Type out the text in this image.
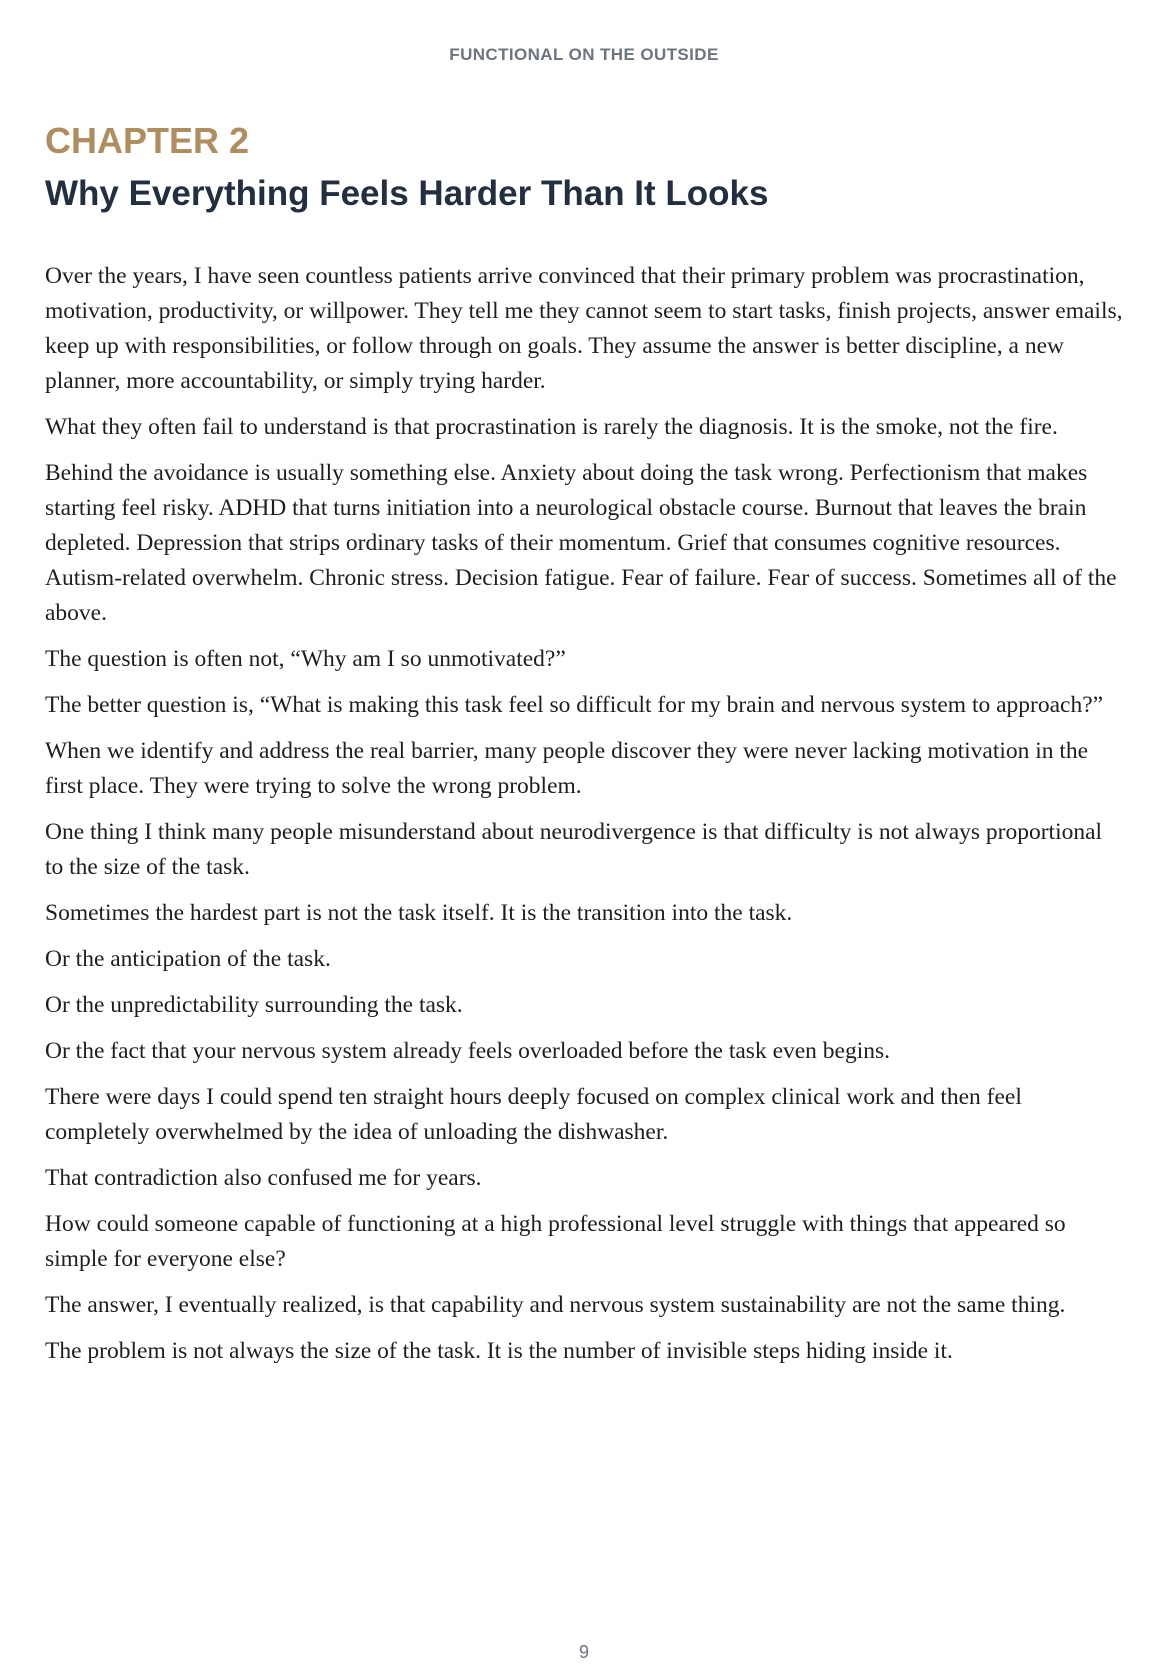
FUNCTIONAL ON THE OUTSIDE
CHAPTER 2
Why Everything Feels Harder Than It Looks

Over the years, I have seen countless patients arrive convinced that their primary problem was procrastination, motivation, productivity, or willpower. They tell me they cannot seem to start tasks, finish projects, answer emails, keep up with responsibilities, or follow through on goals. They assume the answer is better discipline, a new planner, more accountability, or simply trying harder.

What they often fail to understand is that procrastination is rarely the diagnosis. It is the smoke, not the fire.

Behind the avoidance is usually something else. Anxiety about doing the task wrong. Perfectionism that makes starting feel risky. ADHD that turns initiation into a neurological obstacle course. Burnout that leaves the brain depleted. Depression that strips ordinary tasks of their momentum. Grief that consumes cognitive resources. Autism-related overwhelm. Chronic stress. Decision fatigue. Fear of failure. Fear of success. Sometimes all of the above.

The question is often not, “Why am I so unmotivated?”

The better question is, “What is making this task feel so difficult for my brain and nervous system to approach?”

When we identify and address the real barrier, many people discover they were never lacking motivation in the first place. They were trying to solve the wrong problem.

One thing I think many people misunderstand about neurodivergence is that difficulty is not always proportional to the size of the task.

Sometimes the hardest part is not the task itself. It is the transition into the task.

Or the anticipation of the task.

Or the unpredictability surrounding the task.

Or the fact that your nervous system already feels overloaded before the task even begins.

There were days I could spend ten straight hours deeply focused on complex clinical work and then feel completely overwhelmed by the idea of unloading the dishwasher.

That contradiction also confused me for years.

How could someone capable of functioning at a high professional level struggle with things that appeared so simple for everyone else?

The answer, I eventually realized, is that capability and nervous system sustainability are not the same thing.

The problem is not always the size of the task. It is the number of invisible steps hiding inside it.

9
